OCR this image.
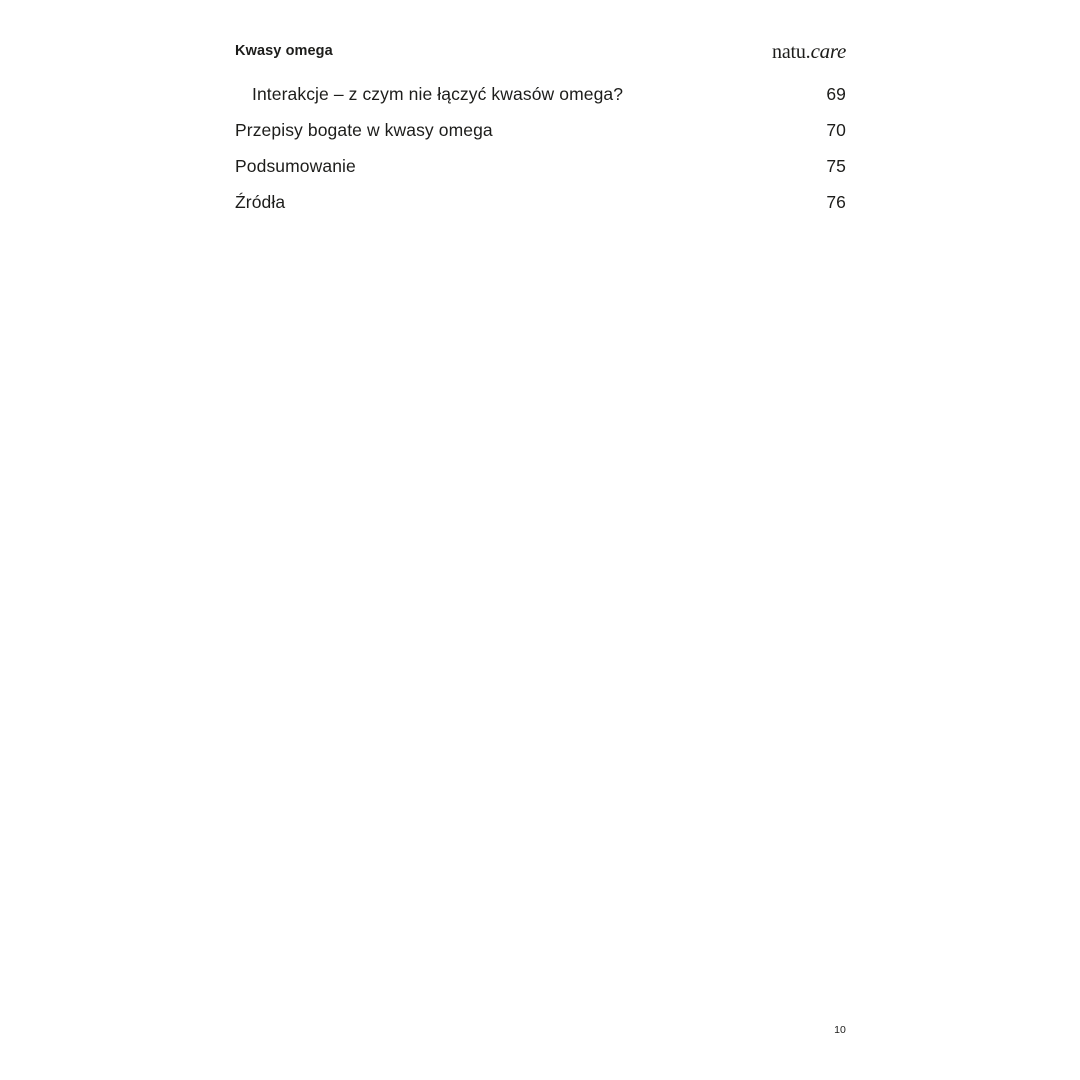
Kwasy omega	natu . care
Interakcje – z czym nie łączyć kwasów omega?	69
Przepisy bogate w kwasy omega	70
Podsumowanie	75
Źródła	76
10
